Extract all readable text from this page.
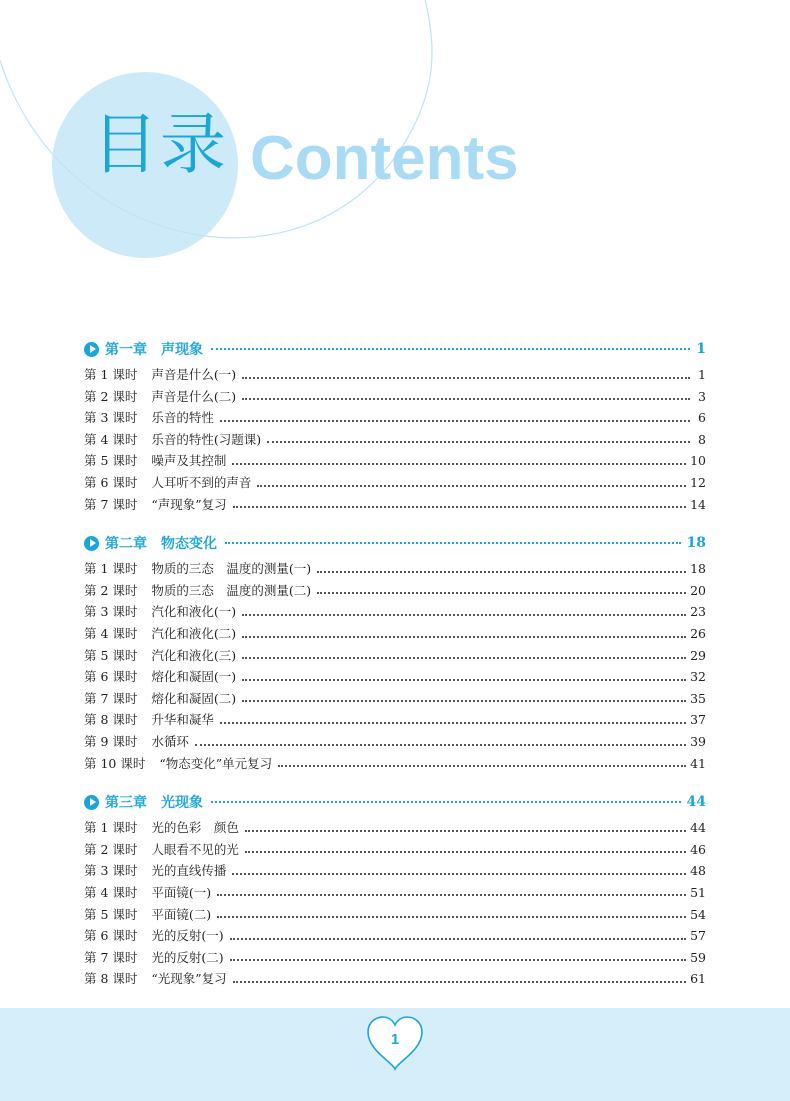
目录 Contents
第一章 声现象	1
第 1 课时 声音是什么(一)	1
第 2 课时 声音是什么(二)	3
第 3 课时 乐音的特性	6
第 4 课时 乐音的特性(习题课)	8
第 5 课时 噪声及其控制	10
第 6 课时 人耳听不到的声音	12
第 7 课时 “声现象”复习	14
第二章 物态变化	18
第 1 课时 物质的三态　温度的测量(一)	18
第 2 课时 物质的三态　温度的测量(二)	20
第 3 课时 汽化和液化(一)	23
第 4 课时 汽化和液化(二)	26
第 5 课时 汽化和液化(三)	29
第 6 课时 熔化和凝固(一)	32
第 7 课时 熔化和凝固(二)	35
第 8 课时 升华和凝华	37
第 9 课时 水循环	39
第 10 课时 “物态变化”单元复习	41
第三章 光现象	44
第 1 课时 光的色彩　颜色	44
第 2 课时 人眼看不见的光	46
第 3 课时 光的直线传播	48
第 4 课时 平面镜(一)	51
第 5 课时 平面镜(二)	54
第 6 课时 光的反射(一)	57
第 7 课时 光的反射(二)	59
第 8 课时 “光现象”复习	61
1
